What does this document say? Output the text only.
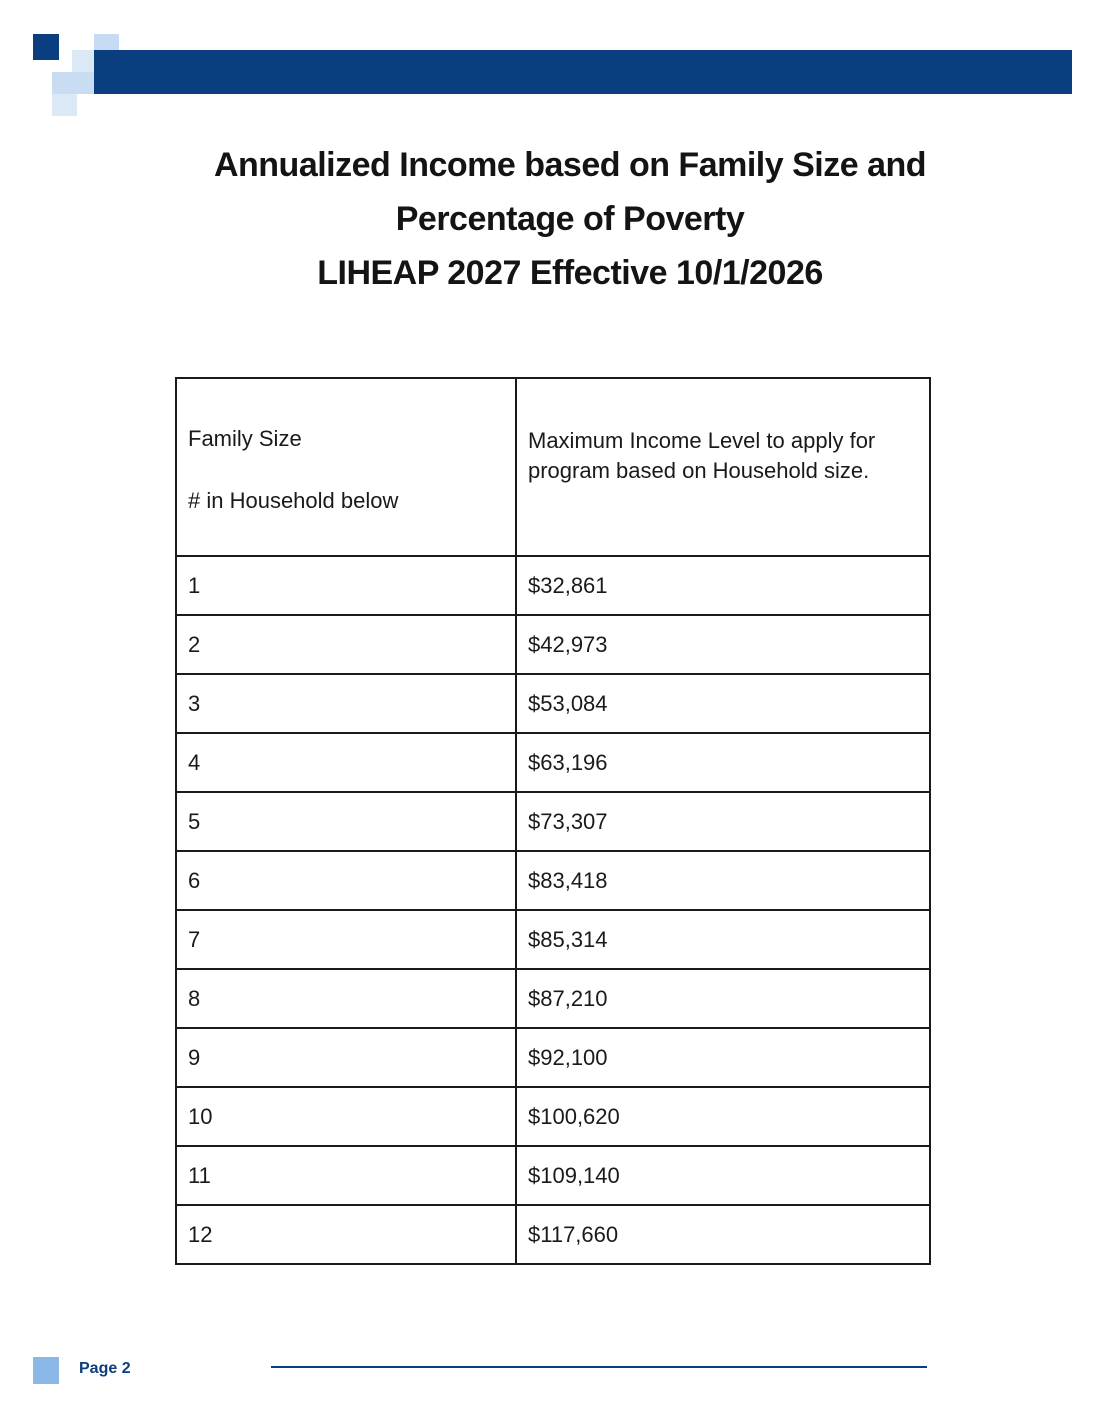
Annualized Income based on Family Size and
Percentage of Poverty
LIHEAP 2027 Effective 10/1/2026
Family Size
# in Household below	Maximum Income Level to apply for program based on Household size.

1	$32,861
2	$42,973
3	$53,084
4	$63,196
5	$73,307
6	$83,418
7	$85,314
8	$87,210
9	$92,100
10	$100,620
11	$109,140
12	$117,660
Page 2
